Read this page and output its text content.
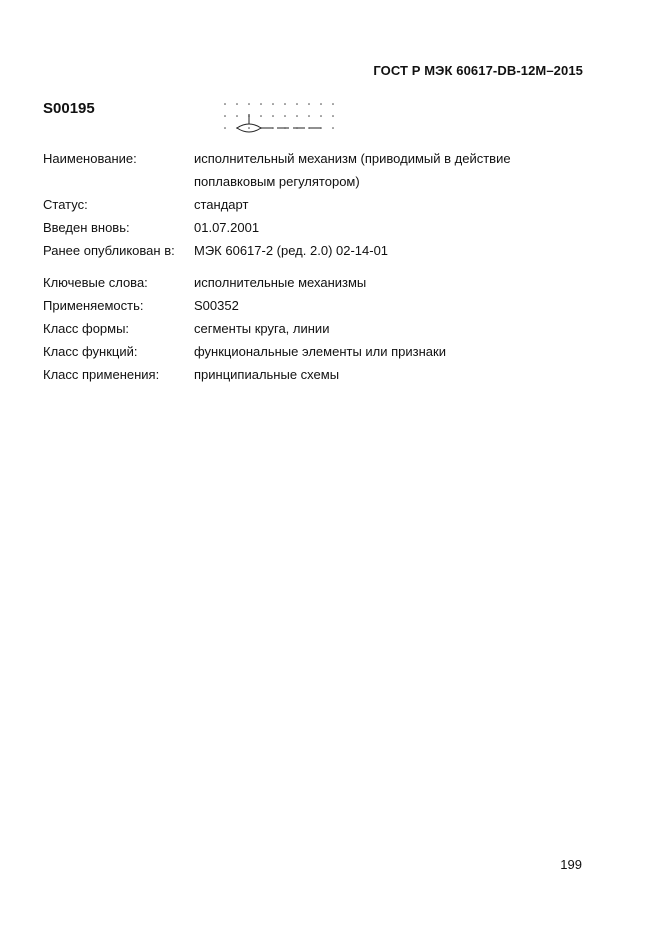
ГОСТ Р МЭК 60617-DB-12M–2015
S00195
Наименование:	исполнительный механизм (приводимый в действие поплавковым регулятором)
Статус:	стандарт
Введен вновь:	01.07.2001
Ранее опубликован в:	МЭК 60617-2 (ред. 2.0) 02-14-01
Ключевые слова:	исполнительные механизмы
Применяемость:	S00352
Класс формы:	сегменты круга, линии
Класс функций:	функциональные элементы или признаки
Класс применения:	принципиальные схемы
199
